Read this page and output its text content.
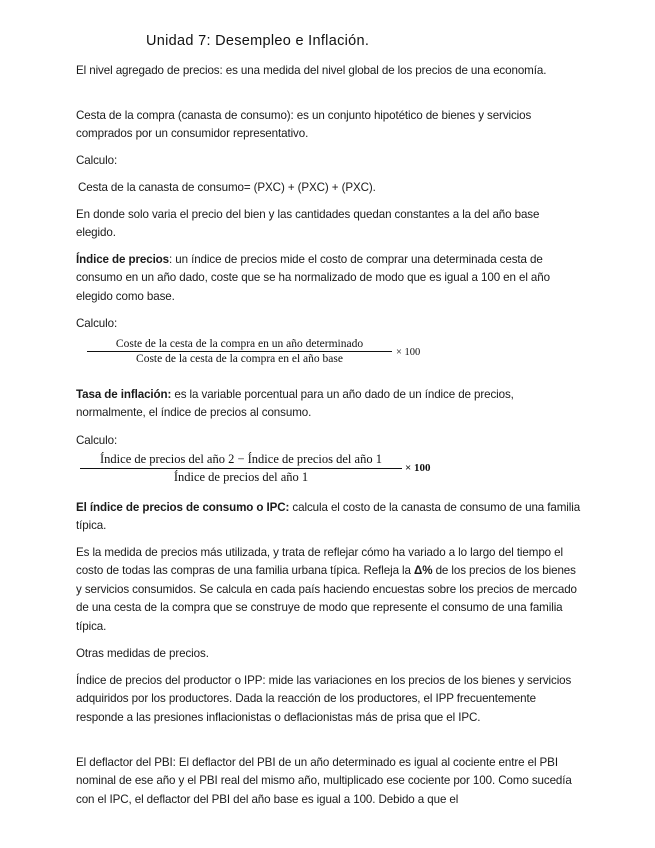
Unidad 7: Desempleo e Inflación.

El nivel agregado de precios: es una medida del nivel global de los precios de una economía.

Cesta de la compra (canasta de consumo): es un conjunto hipotético de bienes y servicios comprados por un consumidor representativo.

Calculo:

Cesta de la canasta de consumo= (PXC) + (PXC) + (PXC).

En donde solo varia el precio del bien y las cantidades quedan constantes a la del año base elegido.

Índice de precios: un índice de precios mide el costo de comprar una determinada cesta de consumo en un año dado, coste que se ha normalizado de modo que es igual a 100 en el año elegido como base.

Calculo:

Coste de la cesta de la compra en un año determinado
Coste de la cesta de la compra en el año base
× 100

Tasa de inflación: es la variable porcentual para un año dado de un índice de precios, normalmente, el índice de precios al consumo.

Calculo:

Índice de precios del año 2 − Índice de precios del año 1
Índice de precios del año 1
× 100

El índice de precios de consumo o IPC: calcula el costo de la canasta de consumo de una familia típica.

Es la medida de precios más utilizada, y trata de reflejar cómo ha variado a lo largo del tiempo el costo de todas las compras de una familia urbana típica. Refleja la Δ% de los precios de los bienes y servicios consumidos. Se calcula en cada país haciendo encuestas sobre los precios de mercado de una cesta de la compra que se construye de modo que represente el consumo de una familia típica.

Otras medidas de precios.

Índice de precios del productor o IPP: mide las variaciones en los precios de los bienes y servicios adquiridos por los productores. Dada la reacción de los productores, el IPP frecuentemente responde a las presiones inflacionistas o deflacionistas más de prisa que el IPC.

El deflactor del PBI: El deflactor del PBI de un año determinado es igual al cociente entre el PBI nominal de ese año y el PBI real del mismo año, multiplicado ese cociente por 100. Como sucedía con el IPC, el deflactor del PBI del año base es igual a 100. Debido a que el
